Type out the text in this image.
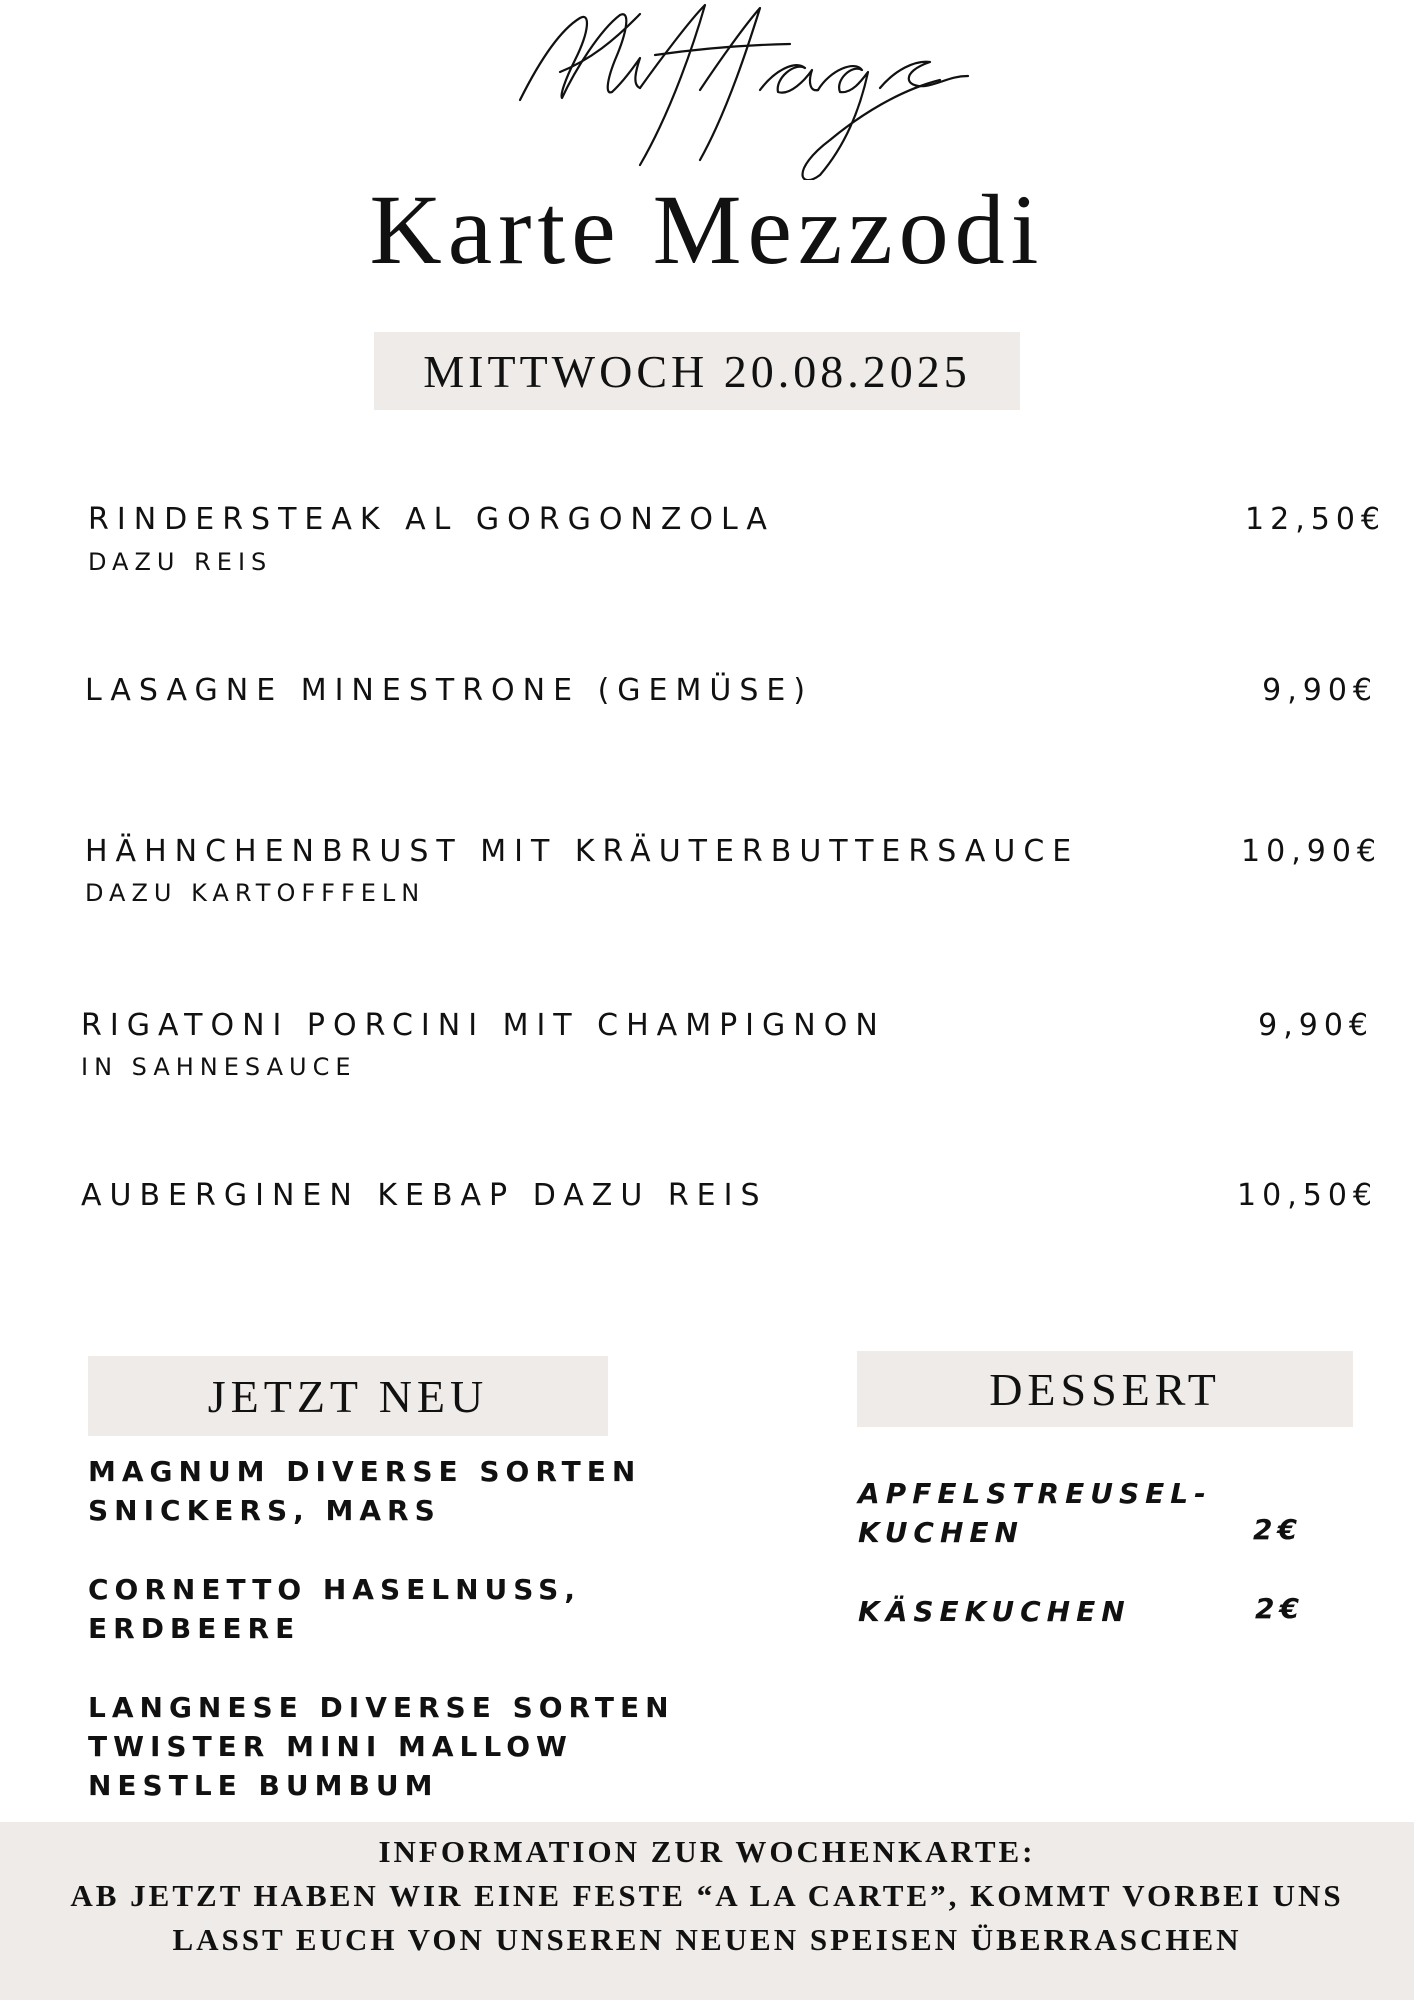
Karte Mezzodi
MITTWOCH 20.08.2025
RINDERSTEAK AL GORGONZOLA
DAZU REIS
12,50€
LASAGNE MINESTRONE (GEMÜSE)	9,90€
HÄHNCHENBRUST MIT KRÄUTERBUTTERSAUCE
DAZU KARTOFFFELN
10,90€
RIGATONI PORCINI MIT CHAMPIGNON
IN SAHNESAUCE
9,90€
AUBERGINEN KEBAP DAZU REIS	10,50€
JETZT NEU
MAGNUM DIVERSE SORTEN
SNICKERS, MARS
CORNETTO HASELNUSS,
ERDBEERE
LANGNESE DIVERSE SORTEN
TWISTER MINI MALLOW
NESTLE BUMBUM
DESSERT
APFELSTREUSEL-
KUCHEN	2€
KÄSEKUCHEN	2€
INFORMATION ZUR WOCHENKARTE:
AB JETZT HABEN WIR EINE FESTE “A LA CARTE”, KOMMT VORBEI UNS
LASST EUCH VON UNSEREN NEUEN SPEISEN ÜBERRASCHEN
